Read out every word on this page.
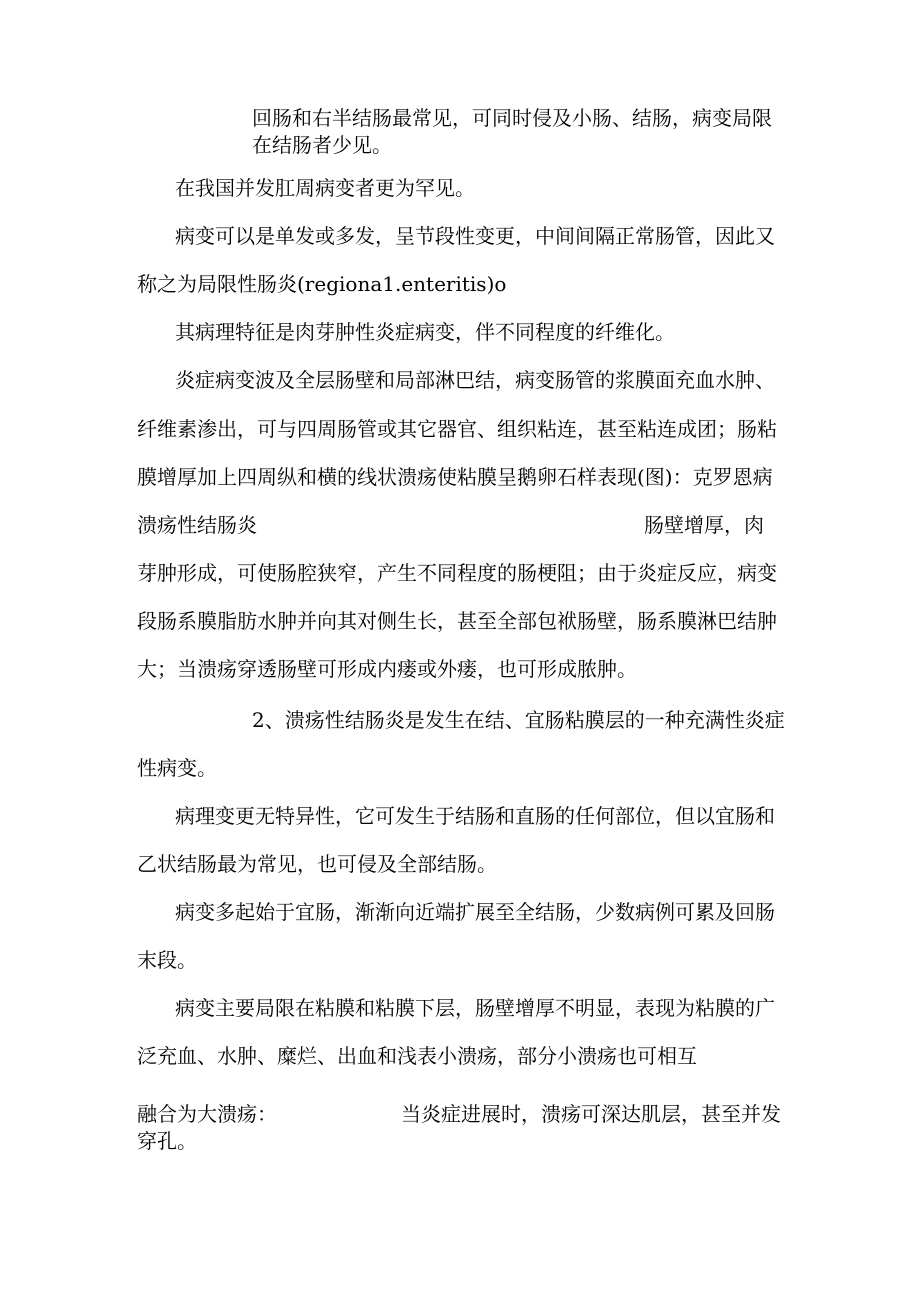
回肠和右半结肠最常见，可同时侵及小肠、结肠，病变局限

在结肠者少见。

在我国并发肛周病变者更为罕见。

病变可以是单发或多发，呈节段性变更，中间间隔正常肠管，因此又

称之为局限性肠炎(regiona1.enteritis)o

其病理特征是肉芽肿性炎症病变，伴不同程度的纤维化。

炎症病变波及全层肠壁和局部淋巴结，病变肠管的浆膜面充血水肿、

纤维素渗出，可与四周肠管或其它器官、组织粘连，甚至粘连成团；肠粘

膜增厚加上四周纵和横的线状溃疡使粘膜呈鹅卵石样表现(图)：克罗恩病

溃疡性结肠炎	肠壁增厚，肉

芽肿形成，可使肠腔狭窄，产生不同程度的肠梗阻；由于炎症反应，病变

段肠系膜脂肪水肿并向其对侧生长，甚至全部包袱肠壁，肠系膜淋巴结肿

大；当溃疡穿透肠壁可形成内瘘或外瘘，也可形成脓肿。

2、溃疡性结肠炎是发生在结、宜肠粘膜层的一种充满性炎症

性病变。

病理变更无特异性，它可发生于结肠和直肠的任何部位，但以宜肠和

乙状结肠最为常见，也可侵及全部结肠。

病变多起始于宜肠，渐渐向近端扩展至全结肠，少数病例可累及回肠

末段。

病变主要局限在粘膜和粘膜下层，肠壁增厚不明显，表现为粘膜的广

泛充血、水肿、糜烂、出血和浅表小溃疡，部分小溃疡也可相互

融合为大溃疡：	当炎症进展时，溃疡可深达肌层，甚至并发

穿孔。
